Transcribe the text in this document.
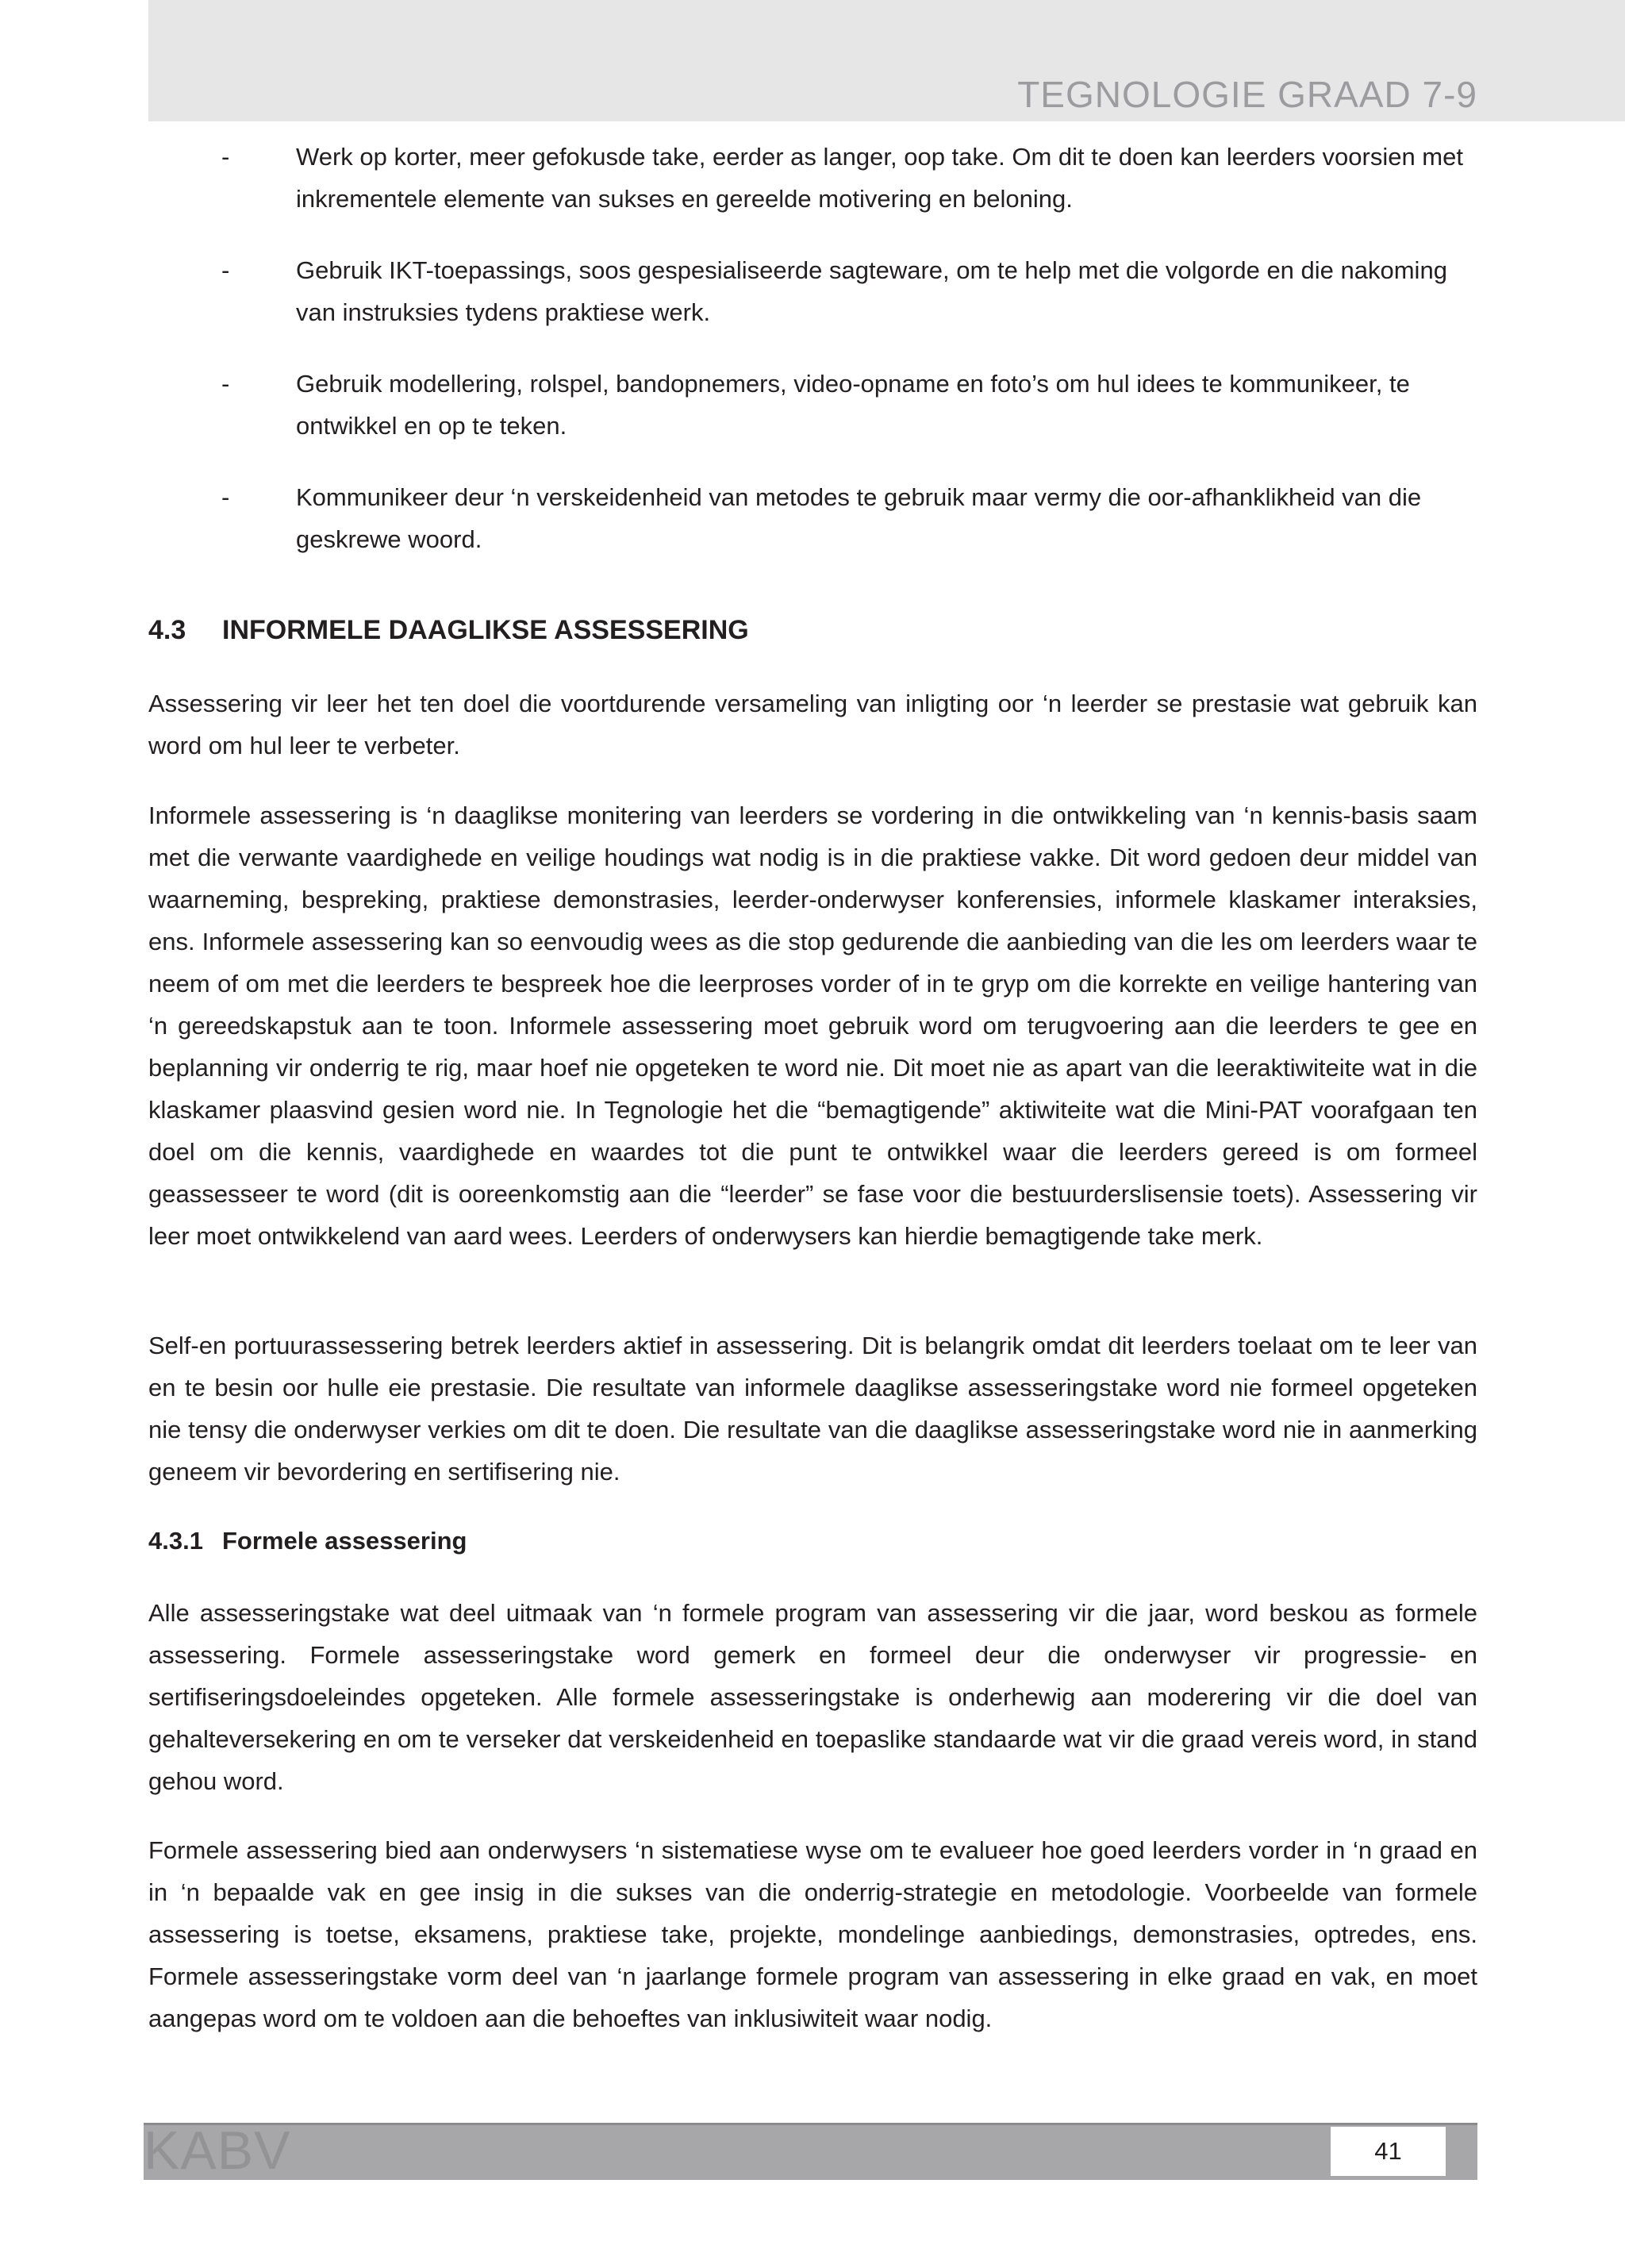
TEGNOLOGIE GRAAD 7-9
-	Werk op korter, meer gefokusde take, eerder as langer, oop take. Om dit te doen kan leerders voorsien met inkrementele elemente van sukses en gereelde motivering en beloning.
-	Gebruik IKT-toepassings, soos gespesialiseerde sagteware, om te help met die volgorde en die nakoming van instruksies tydens praktiese werk.
-	Gebruik modellering, rolspel, bandopnemers, video-opname en foto’s om hul idees te kommunikeer, te ontwikkel en op te teken.
-	Kommunikeer deur ‘n verskeidenheid van metodes te gebruik maar vermy die oor-afhanklikheid van die geskrewe woord.
4.3 INFORMELE DAAGLIKSE ASSESSERING

Assessering vir leer het ten doel die voortdurende versameling van inligting oor ‘n leerder se prestasie wat gebruik kan word om hul leer te verbeter.

Informele assessering is ‘n daaglikse monitering van leerders se vordering in die ontwikkeling van ‘n kennis-basis saam met die verwante vaardighede en veilige houdings wat nodig is in die praktiese vakke. Dit word gedoen deur middel van waarneming, bespreking, praktiese demonstrasies, leerder-onderwyser konferensies, informele klaskamer interaksies, ens. Informele assessering kan so eenvoudig wees as die stop gedurende die aanbieding van die les om leerders waar te neem of om met die leerders te bespreek hoe die leerproses vorder of in te gryp om die korrekte en veilige hantering van ‘n gereedskapstuk aan te toon. Informele assessering moet gebruik word om terugvoering aan die leerders te gee en beplanning vir onderrig te rig, maar hoef nie opgeteken te word nie. Dit moet nie as apart van die leeraktiwiteite wat in die klaskamer plaasvind gesien word nie. In Tegnologie het die “bemagtigende” aktiwiteite wat die Mini-PAT voorafgaan ten doel om die kennis, vaardighede en waardes tot die punt te ontwikkel waar die leerders gereed is om formeel geassesseer te word (dit is ooreenkomstig aan die “leerder” se fase voor die bestuurderslisensie toets). Assessering vir leer moet ontwikkelend van aard wees. Leerders of onderwysers kan hierdie bemagtigende take merk.

Self-en portuurassessering betrek leerders aktief in assessering. Dit is belangrik omdat dit leerders toelaat om te leer van en te besin oor hulle eie prestasie. Die resultate van informele daaglikse assesseringstake word nie formeel opgeteken nie tensy die onderwyser verkies om dit te doen. Die resultate van die daaglikse assesseringstake word nie in aanmerking geneem vir bevordering en sertifisering nie.

4.3.1 Formele assessering

Alle assesseringstake wat deel uitmaak van ‘n formele program van assessering vir die jaar, word beskou as formele assessering. Formele assesseringstake word gemerk en formeel deur die onderwyser vir progressie- en sertifiseringsdoeleindes opgeteken. Alle formele assesseringstake is onderhewig aan moderering vir die doel van gehalteversekering en om te verseker dat verskeidenheid en toepaslike standaarde wat vir die graad vereis word, in stand gehou word.

Formele assessering bied aan onderwysers ‘n sistematiese wyse om te evalueer hoe goed leerders vorder in ‘n graad en in ‘n bepaalde vak en gee insig in die sukses van die onderrig-strategie en metodologie. Voorbeelde van formele assessering is toetse, eksamens, praktiese take, projekte, mondelinge aanbiedings, demonstrasies, optredes, ens. Formele assesseringstake vorm deel van ‘n jaarlange formele program van assessering in elke graad en vak, en moet aangepas word om te voldoen aan die behoeftes van inklusiwiteit waar nodig.

KABV	41
